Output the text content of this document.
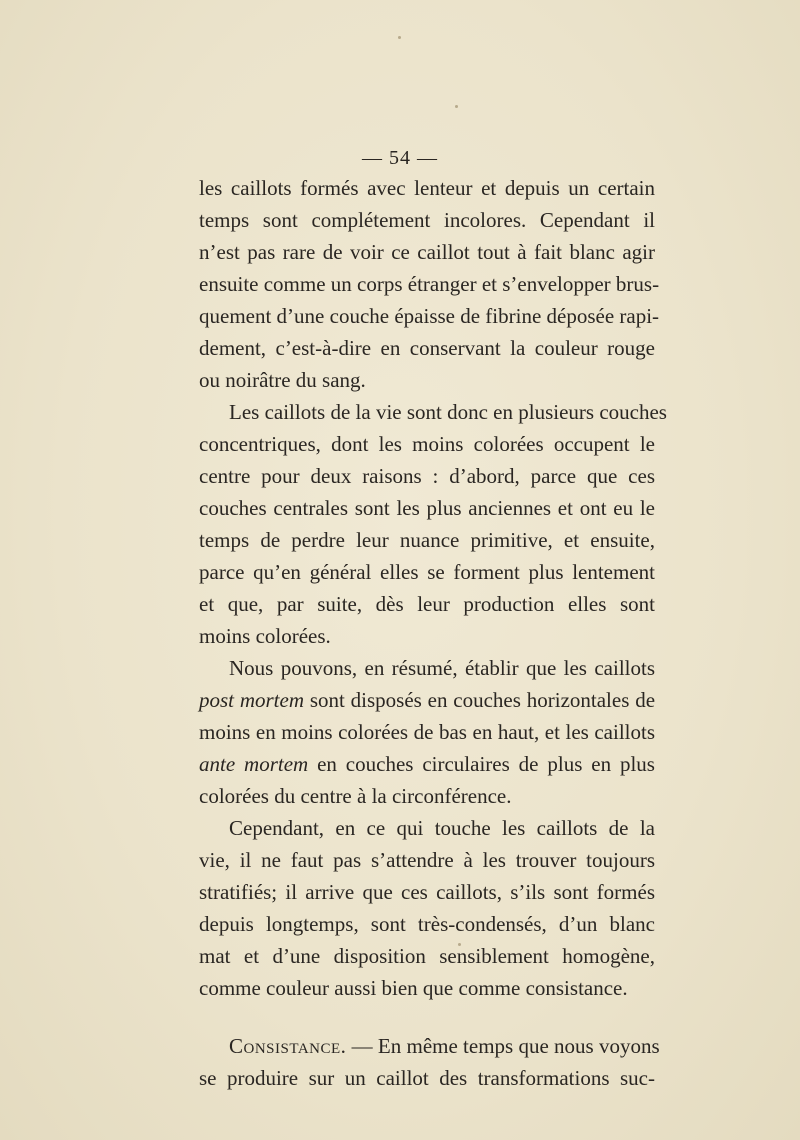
— 54 —
les caillots formés avec lenteur et depuis un certain
temps sont complétement incolores. Cependant il
n’est pas rare de voir ce caillot tout à fait blanc agir
ensuite comme un corps étranger et s’envelopper brus-
quement d’une couche épaisse de fibrine déposée rapi-
dement, c’est-à-dire en conservant la couleur rouge
ou noirâtre du sang.
Les caillots de la vie sont donc en plusieurs couches
concentriques, dont les moins colorées occupent le
centre pour deux raisons : d’abord, parce que ces
couches centrales sont les plus anciennes et ont eu le
temps de perdre leur nuance primitive, et ensuite,
parce qu’en général elles se forment plus lentement
et que, par suite, dès leur production elles sont
moins colorées.
Nous pouvons, en résumé, établir que les caillots
post mortem sont disposés en couches horizontales de
moins en moins colorées de bas en haut, et les caillots
ante mortem en couches circulaires de plus en plus
colorées du centre à la circonférence.
Cependant, en ce qui touche les caillots de la
vie, il ne faut pas s’attendre à les trouver toujours
stratifiés; il arrive que ces caillots, s’ils sont formés
depuis longtemps, sont très-condensés, d’un blanc
mat et d’une disposition sensiblement homogène,
comme couleur aussi bien que comme consistance.
Consistance. — En même temps que nous voyons
se produire sur un caillot des transformations suc-
